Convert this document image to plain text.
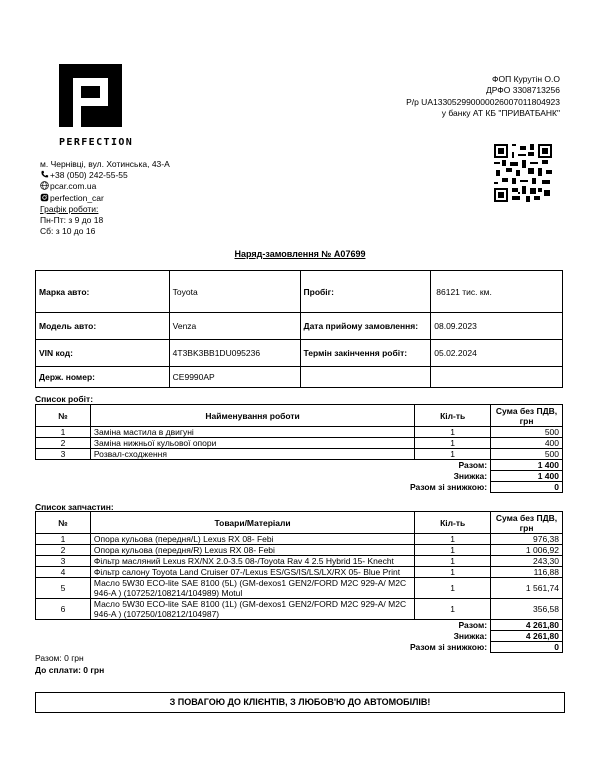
PERFECTION
м. Чернівці, вул. Хотинська, 43-А
+38 (050) 242-55-55
pcar.com.ua
perfection_car
Графік роботи:
Пн-Пт: з 9 до 18
Сб: з 10 до 16
ФОП Курутін О.О
ДРФО 3308713256
Р/р UA133052990000026007011804923
у банку АТ КБ "ПРИВАТБАНК"
Наряд-замовлення № А07699
Марка авто:	Toyota	Пробіг:	86121 тис. км.
Модель авто:	Venza	Дата прийому замовлення:	08.09.2023
VIN код:	4T3BK3BB1DU095236	Термін закінчення робіт:	05.02.2024
Держ. номер:	CE9990AP		
Список робіт:
№	Найменування роботи	Кіл-ть	Сума без ПДВ, грн
1	Заміна мастила в двигуні	1	500
2	Заміна нижньої кульової опори	1	400
3	Розвал-сходження	1	500
Разом:			1 400
Знижка:			1 400
Разом зі знижкою:			0
Список запчастин:
№	Товари/Матеріали	Кіл-ть	Сума без ПДВ, грн
1	Опора кульова (передня/L) Lexus RX 08- Febi	1	976,38
2	Опора кульова (передня/R) Lexus RX 08- Febi	1	1 006,92
3	Фільтр масляний Lexus RX/NX 2.0-3.5 08-/Toyota Rav 4 2.5 Hybrid 15- Knecht	1	243,30
4	Фільтр салону Toyota Land Cruiser 07-/Lexus ES/GS/IS/LS/LX/RX 05- Blue Print	1	116,88
5	Масло 5W30 ECO-lite SAE 8100 (5L) (GM-dexos1 GEN2/FORD M2C 929-A/ M2C 946-A ) (107252/108214/104989) Motul	1	1 561,74
6	Масло 5W30 ECO-lite SAE 8100 (1L) (GM-dexos1 GEN2/FORD M2C 929-A/ M2C 946-A ) (107250/108212/104987)	1	356,58
Разом:			4 261,80
Знижка:			4 261,80
Разом зі знижкою:			0
Разом: 0 грн
До сплати: 0 грн
З ПОВАГОЮ ДО КЛІЄНТІВ, З ЛЮБОВ'Ю ДО АВТОМОБІЛІВ!
